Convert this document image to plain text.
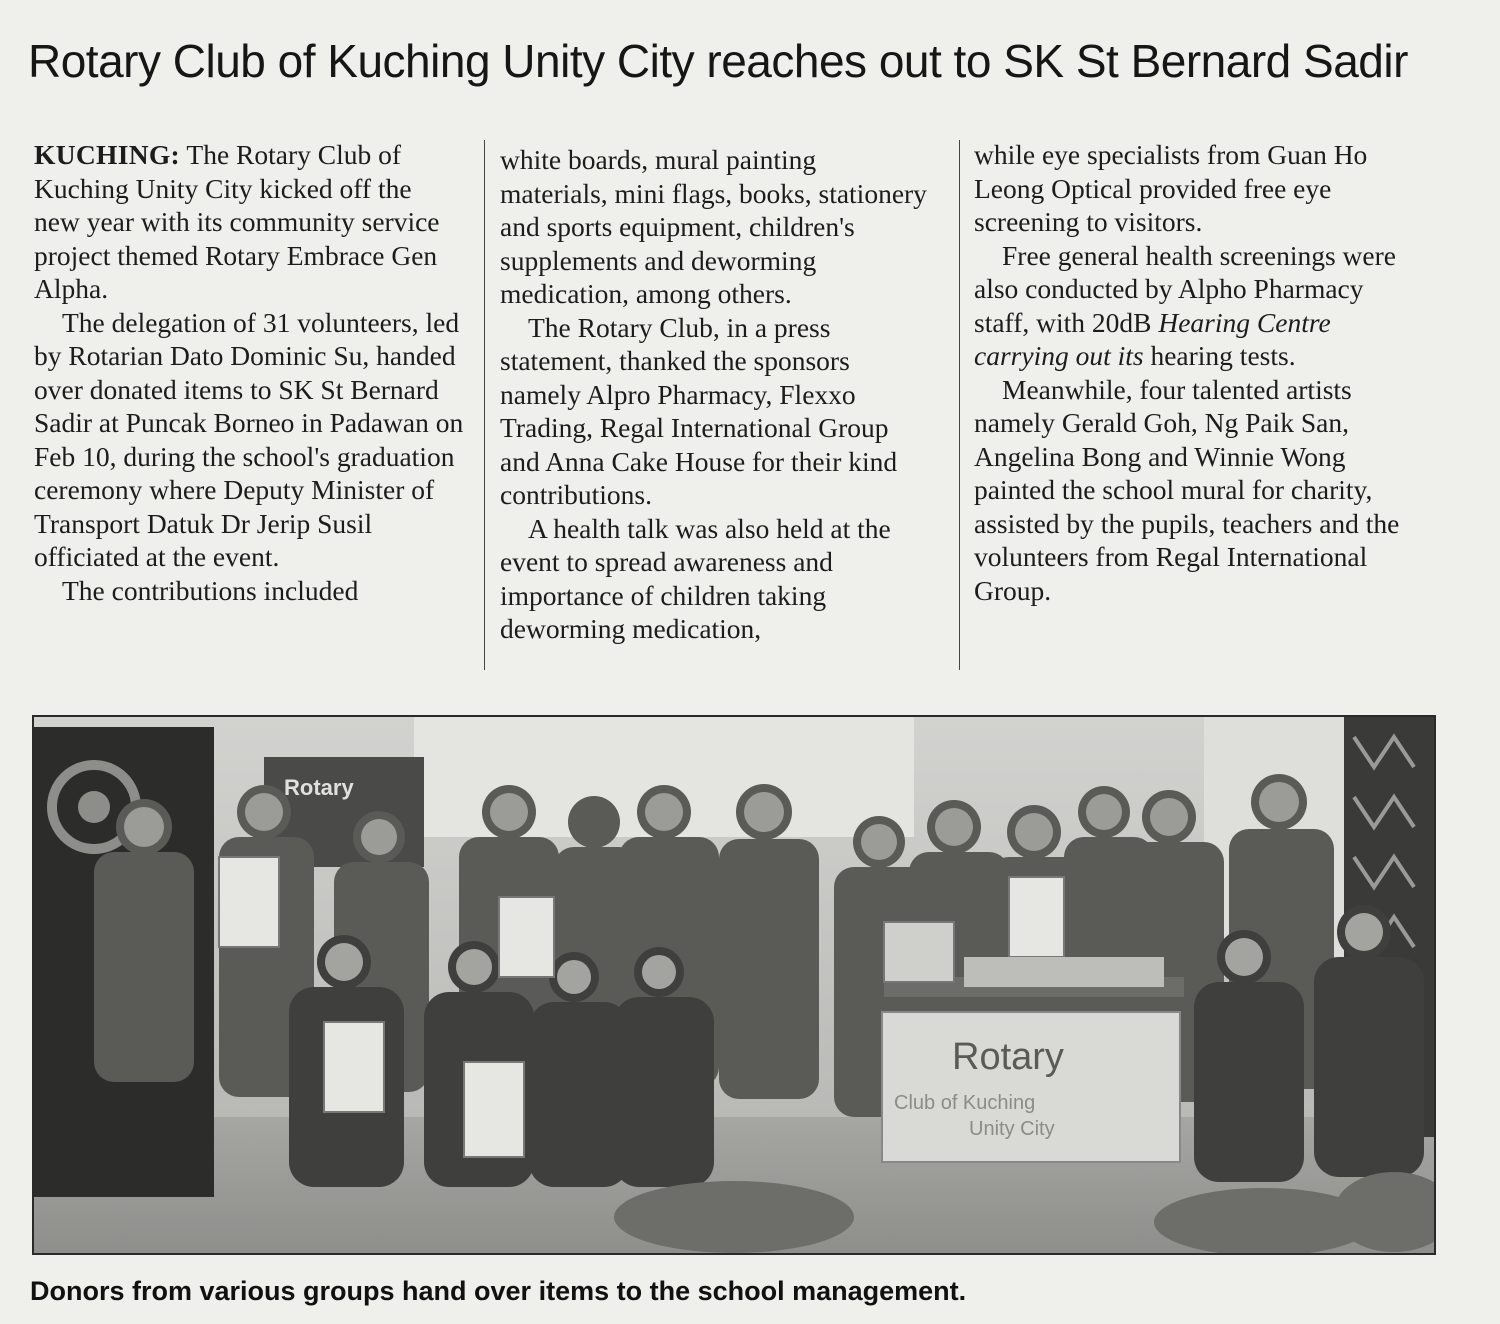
Rotary Club of Kuching Unity City reaches out to SK St Bernard Sadir

KUCHING: The Rotary Club of Kuching Unity City kicked off the new year with its community service project themed Rotary Embrace Gen Alpha.

The delegation of 31 volunteers, led by Rotarian Dato Dominic Su, handed over donated items to SK St Bernard Sadir at Puncak Borneo in Padawan on Feb 10, during the school's graduation ceremony where Deputy Minister of Transport Datuk Dr Jerip Susil officiated at the event.

The contributions included

white boards, mural painting materials, mini flags, books, stationery and sports equipment, children's supplements and deworming medication, among others.

The Rotary Club, in a press statement, thanked the sponsors namely Alpro Pharmacy, Flexxo Trading, Regal International Group and Anna Cake House for their kind contributions.

A health talk was also held at the event to spread awareness and importance of children taking deworming medication,

while eye specialists from Guan Ho Leong Optical provided free eye screening to visitors.

Free general health screenings were also conducted by Alpho Pharmacy staff, with 20dB Hearing Centre carrying out its hearing tests.

Meanwhile, four talented artists namely Gerald Goh, Ng Paik San, Angelina Bong and Winnie Wong painted the school mural for charity, assisted by the pupils, teachers and the volunteers from Regal International Group.

Rotary
Rotary
Club of Kuching
Unity City
Rotary
Donors from various groups hand over items to the school management.
